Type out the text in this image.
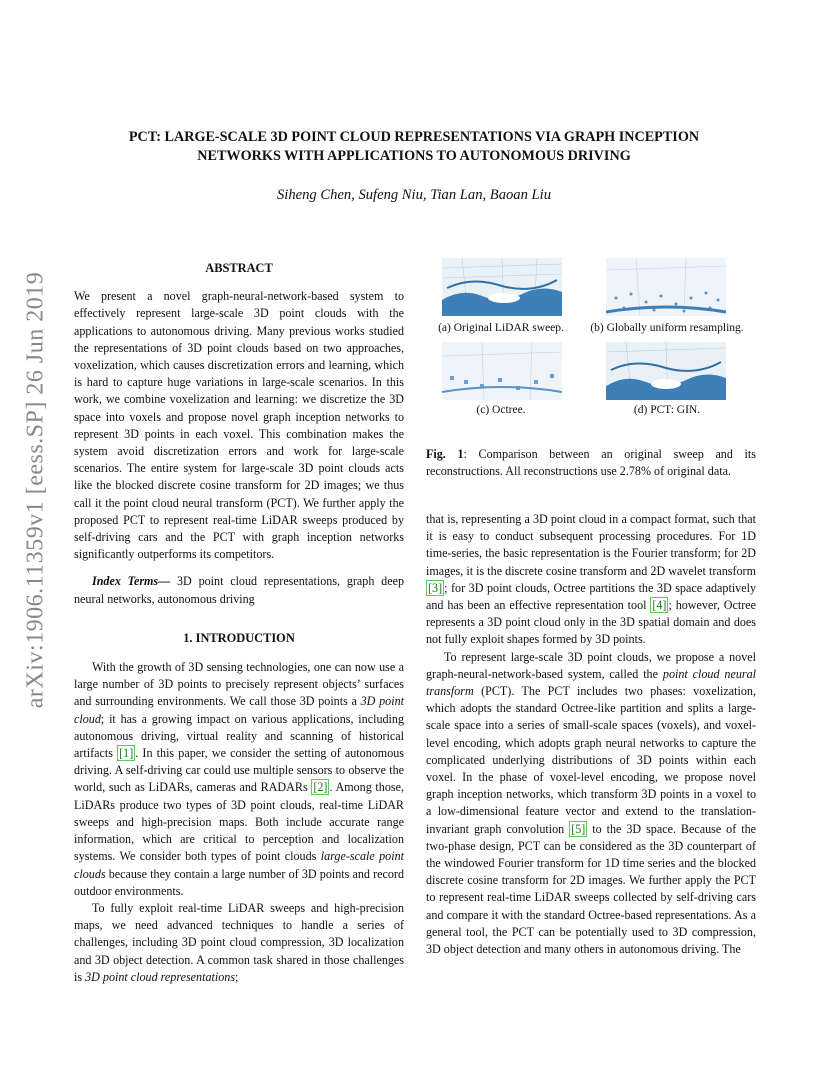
arXiv:1906.11359v1 [eess.SP] 26 Jun 2019
PCT: LARGE-SCALE 3D POINT CLOUD REPRESENTATIONS VIA GRAPH INCEPTION
NETWORKS WITH APPLICATIONS TO AUTONOMOUS DRIVING
Siheng Chen, Sufeng Niu, Tian Lan, Baoan Liu
ABSTRACT

We present a novel graph-neural-network-based system to effectively represent large-scale 3D point clouds with the applications to autonomous driving. Many previous works studied the representations of 3D point clouds based on two approaches, voxelization, which causes discretization errors and learning, which is hard to capture huge variations in large-scale scenarios. In this work, we combine voxelization and learning: we discretize the 3D space into voxels and propose novel graph inception networks to represent 3D points in each voxel. This combination makes the system avoid discretization errors and work for large-scale scenarios. The entire system for large-scale 3D point clouds acts like the blocked discrete cosine transform for 2D images; we thus call it the point cloud neural transform (PCT). We further apply the proposed PCT to represent real-time LiDAR sweeps produced by self-driving cars and the PCT with graph inception networks significantly outperforms its competitors.

Index Terms— 3D point cloud representations, graph deep neural networks, autonomous driving

1. INTRODUCTION

With the growth of 3D sensing technologies, one can now use a large number of 3D points to precisely represent objects’ surfaces and surrounding environments. We call those 3D points a 3D point cloud; it has a growing impact on various applications, including autonomous driving, virtual reality and scanning of historical artifacts [1] . In this paper, we consider the setting of autonomous driving. A self-driving car could use multiple sensors to observe the world, such as LiDARs, cameras and RADARs [2] . Among those, LiDARs produce two types of 3D point clouds, real-time LiDAR sweeps and high-precision maps. Both include accurate range information, which are critical to perception and localization systems. We consider both types of point clouds large-scale point clouds because they contain a large number of 3D points and record outdoor environments.

To fully exploit real-time LiDAR sweeps and high-precision maps, we need advanced techniques to handle a series of challenges, including 3D point cloud compression, 3D localization and 3D object detection. A common task shared in those challenges is 3D point cloud representations;

(a) Original LiDAR sweep.	(b) Globally uniform resampling.
(c) Octree.	(d) PCT: GIN.
Fig. 1: Comparison between an original sweep and its reconstructions. All reconstructions use 2.78% of original data.

that is, representing a 3D point cloud in a compact format, such that it is easy to conduct subsequent processing procedures. For 1D time-series, the basic representation is the Fourier transform; for 2D images, it is the discrete cosine transform and 2D wavelet transform [3] ; for 3D point clouds, Octree partitions the 3D space adaptively and has been an effective representation tool [4] ; however, Octree represents a 3D point cloud only in the 3D spatial domain and does not fully exploit shapes formed by 3D points.

To represent large-scale 3D point clouds, we propose a novel graph-neural-network-based system, called the point cloud neural transform (PCT). The PCT includes two phases: voxelization, which adopts the standard Octree-like partition and splits a large-scale space into a series of small-scale spaces (voxels), and voxel-level encoding, which adopts graph neural networks to capture the complicated underlying distributions of 3D points within each voxel. In the phase of voxel-level encoding, we propose novel graph inception networks, which transform 3D points in a voxel to a low-dimensional feature vector and extend to the translation-invariant graph convolution [5] to the 3D space. Because of the two-phase design, PCT can be considered as the 3D counterpart of the windowed Fourier transform for 1D time series and the blocked discrete cosine transform for 2D images. We further apply the PCT to represent real-time LiDAR sweeps collected by self-driving cars and compare it with the standard Octree-based representations. As a general tool, the PCT can be potentially used to 3D compression, 3D object detection and many others in autonomous driving. The
